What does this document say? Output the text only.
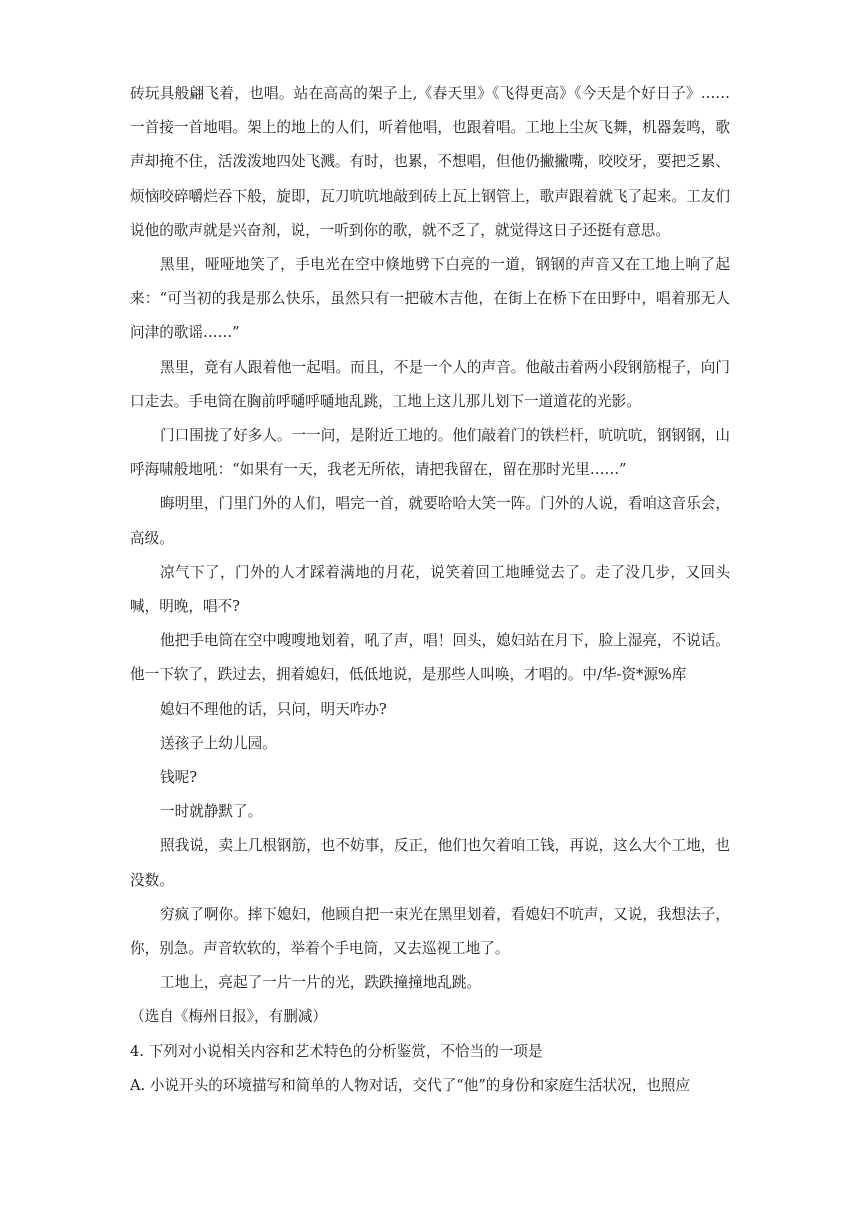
砖玩具般翩飞着，也唱。站在高高的架子上,《春天里》《飞得更高》《今天是个好日子》……一首接一首地唱。架上的地上的人们，听着他唱，也跟着唱。工地上尘灰飞舞，机器轰鸣，歌声却掩不住，活泼泼地四处飞溅。有时，也累，不想唱，但他仍撇撇嘴，咬咬牙，要把乏累、烦恼咬碎嚼烂吞下般，旋即，瓦刀吭吭地敲到砖上瓦上钢管上，歌声跟着就飞了起来。工友们说他的歌声就是兴奋剂，说，一听到你的歌，就不乏了，就觉得这日子还挺有意思。

黑里，哑哑地笑了，手电光在空中倏地劈下白亮的一道，钢钢的声音又在工地上响了起来：“可当初的我是那么快乐，虽然只有一把破木吉他，在街上在桥下在田野中，唱着那无人问津的歌谣……”

黑里，竟有人跟着他一起唱。而且，不是一个人的声音。他敲击着两小段钢筋棍子，向门口走去。手电筒在胸前呼嗵呼嗵地乱跳，工地上这儿那儿划下一道道花的光影。

门口围拢了好多人。一一问，是附近工地的。他们敲着门的铁栏杆，吭吭吭，钢钢钢，山呼海啸般地吼：“如果有一天，我老无所依，请把我留在，留在那时光里……”

晦明里，门里门外的人们，唱完一首，就要哈哈大笑一阵。门外的人说，看咱这音乐会，高级。

凉气下了，门外的人才踩着满地的月花，说笑着回工地睡觉去了。走了没几步，又回头喊，明晚，唱不?

他把手电筒在空中嗖嗖地划着，吼了声，唱！回头，媳妇站在月下，脸上湿亮，不说话。他一下软了，跌过去，拥着媳妇，低低地说，是那些人叫唤，才唱的。中/华-资*源%库

媳妇不理他的话，只问，明天咋办?

送孩子上幼儿园。

钱呢?

一时就静默了。

照我说，卖上几根钢筋，也不妨事，反正，他们也欠着咱工钱，再说，这么大个工地，也没数。

穷疯了啊你。摔下媳妇，他顾自把一束光在黑里划着，看媳妇不吭声，又说，我想法子，你，别急。声音软软的，举着个手电筒，又去巡视工地了。

工地上，亮起了一片一片的光，跌跌撞撞地乱跳。

（选自《梅州日报》，有删减）

4. 下列对小说相关内容和艺术特色的分析鉴赏，不恰当的一项是

A. 小说开头的环境描写和简单的人物对话，交代了“他”的身份和家庭生活状况，也照应
